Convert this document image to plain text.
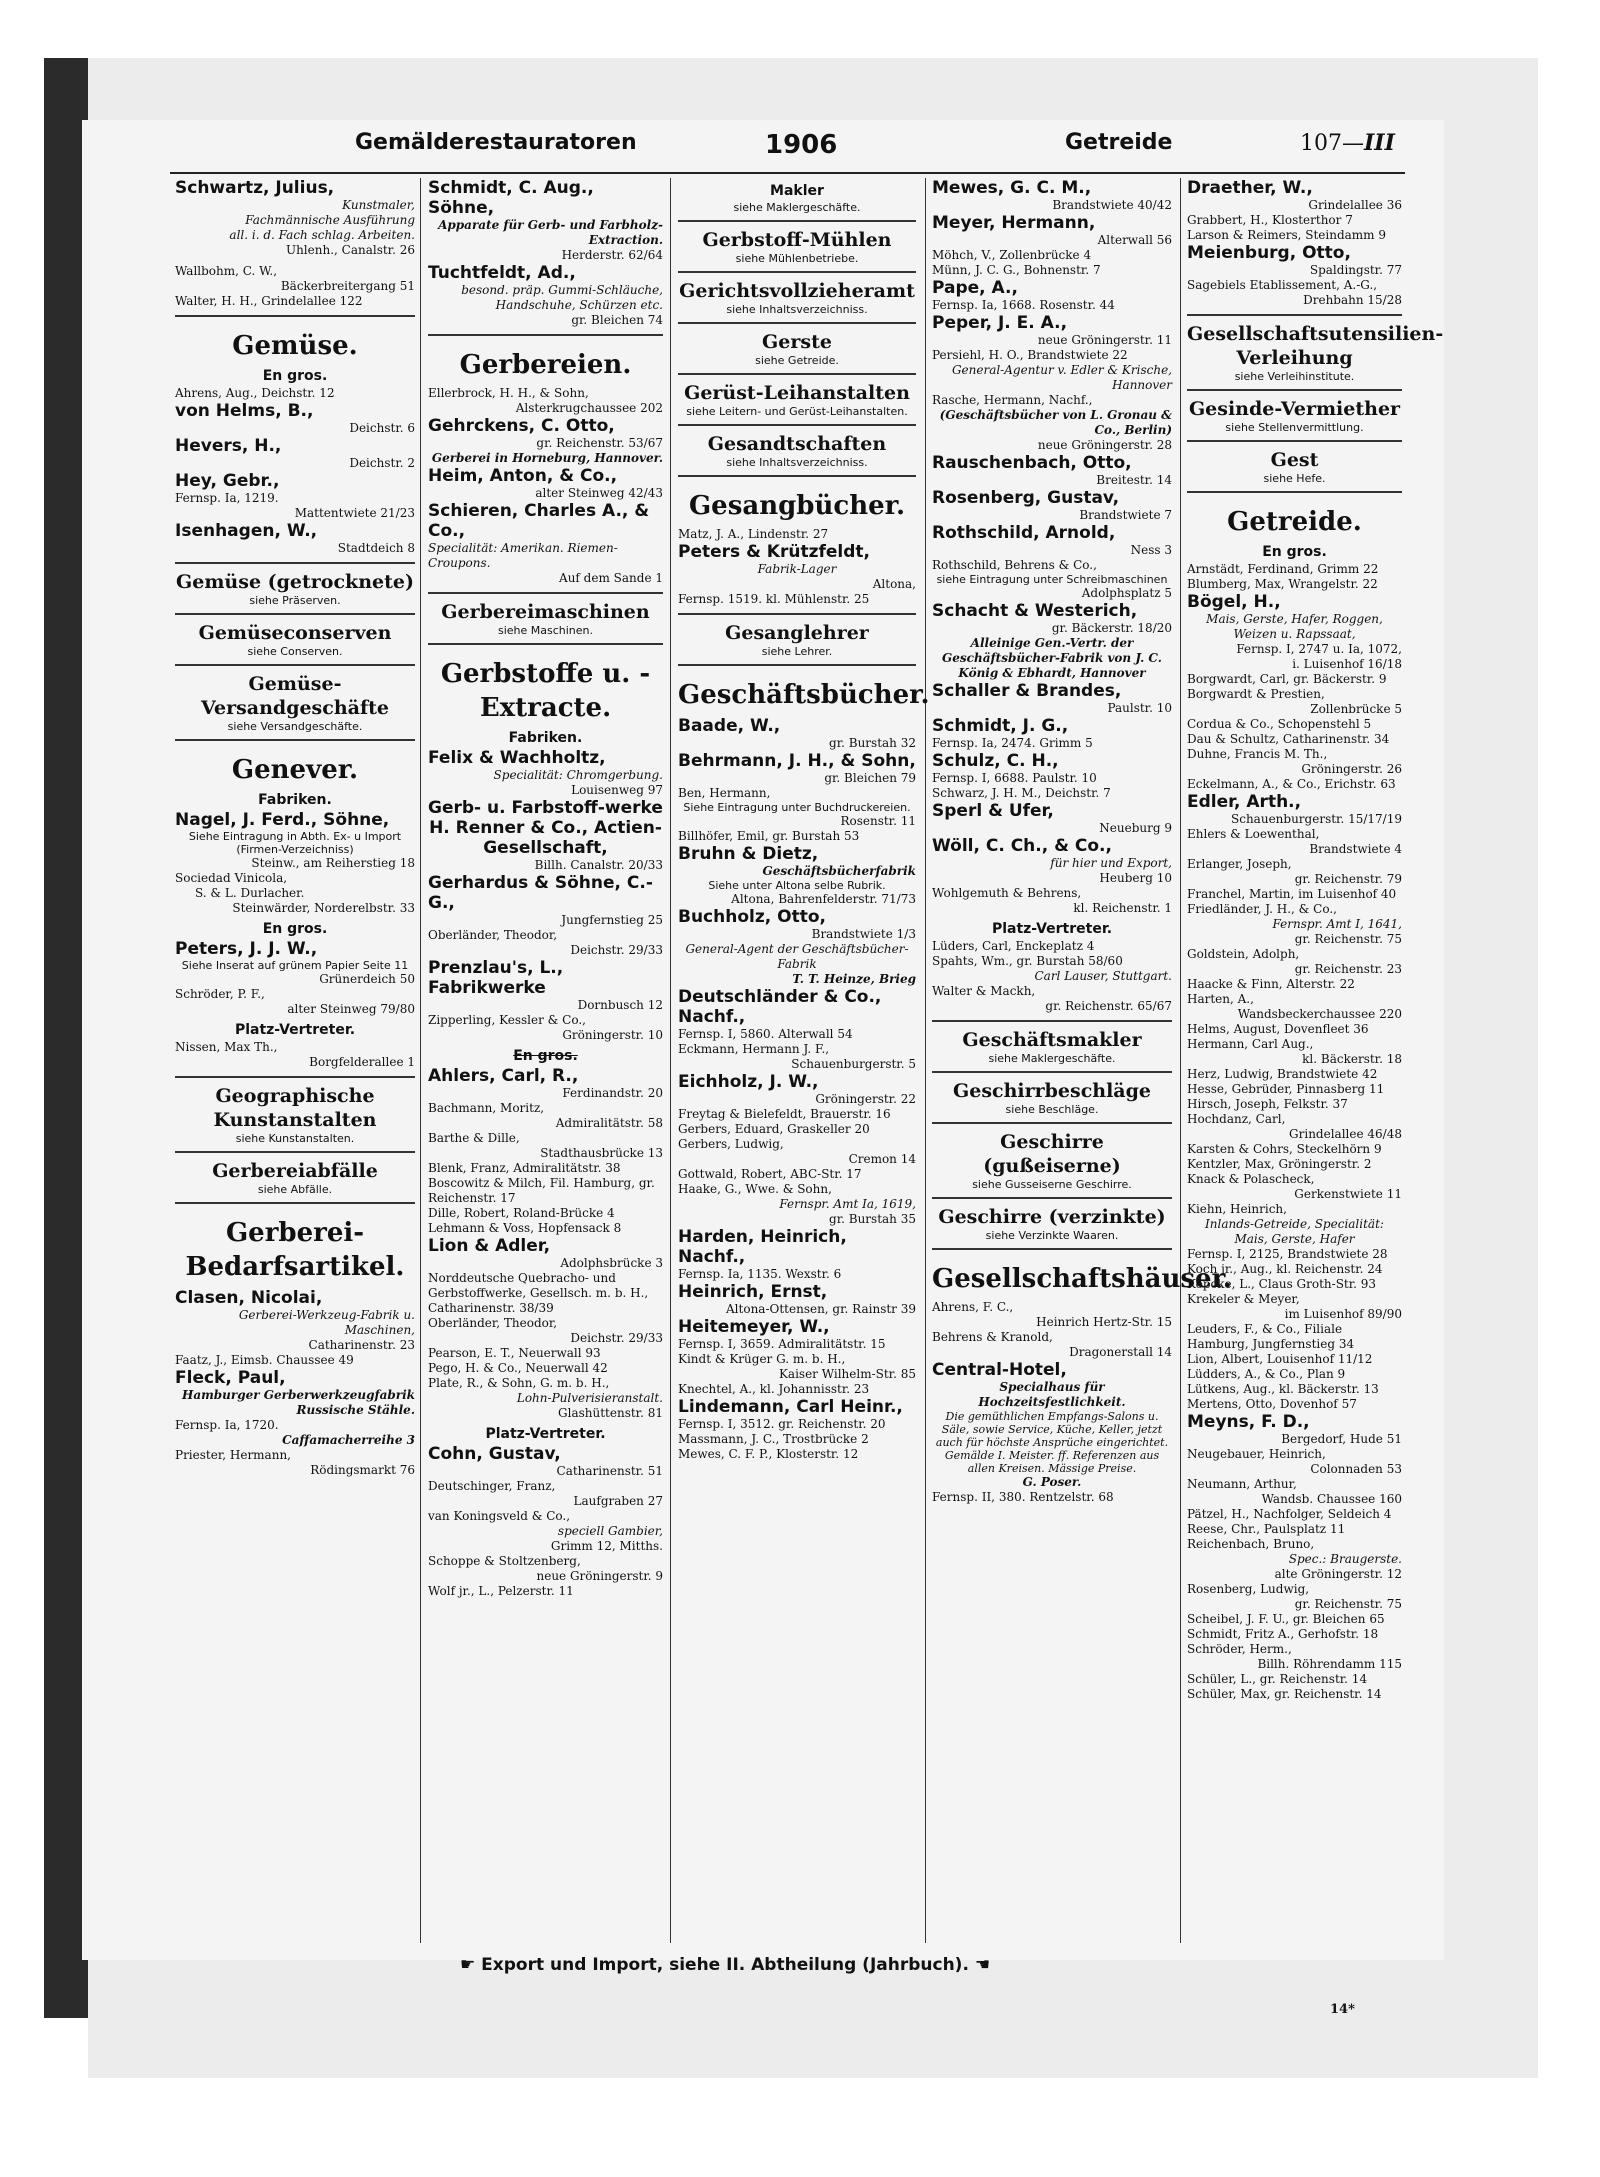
Gemälderestauratoren	1906	Getreide	107—III
Schwartz, Julius,
Kunstmaler,
Fachmännische Ausführung
all. i. d. Fach schlag. Arbeiten.
Uhlenh., Canalstr. 26
Wallbohm, C. W.,
Bäckerbreitergang 51
Walter, H. H., Grindelallee 122
Gemüse.
En gros.
Ahrens, Aug., Deichstr. 12
von Helms, B.,
Deichstr. 6
Hevers, H.,
Deichstr. 2
Hey, Gebr.,
Fernsp. Ia, 1219.
Mattentwiete 21/23
Isenhagen, W.,
Stadtdeich 8
Gemüse (getrocknete)
siehe Präserven.
Gemüseconserven
siehe Conserven.
Gemüse-Versandgeschäfte
siehe Versandgeschäfte.
Genever.
Fabriken.
Nagel, J. Ferd., Söhne,
Siehe Eintragung in Abth. Ex- u Import (Firmen-Verzeichniss)
Steinw., am Reiherstieg 18
Sociedad Vinicola,
S. & L. Durlacher.
Steinwärder, Norderelbstr. 33
En gros.
Peters, J. J. W.,
Siehe Inserat auf grünem Papier Seite 11
Grünerdeich 50
Schröder, P. F.,
alter Steinweg 79/80
Platz-Vertreter.
Nissen, Max Th.,
Borgfelderallee 1
Geographische Kunstanstalten
siehe Kunstanstalten.
Gerbereiabfälle
siehe Abfälle.
Gerberei-Bedarfsartikel.
Clasen, Nicolai,
Gerberei-Werkzeug-Fabrik u. Maschinen,
Catharinenstr. 23
Faatz, J., Eimsb. Chaussee 49
Fleck, Paul,
Hamburger Gerberwerkzeugfabrik
Russische Stähle.
Fernsp. Ia, 1720.
Caffamacherreihe 3
Priester, Hermann,
Rödingsmarkt 76
Schmidt, C. Aug., Söhne,
Apparate für Gerb- und Farbholz-Extraction.
Herderstr. 62/64
Tuchtfeldt, Ad.,
besond. präp. Gummi-Schläuche, Handschuhe, Schürzen etc.
gr. Bleichen 74
Gerbereien.
Ellerbrock, H. H., & Sohn,
Alsterkrugchaussee 202
Gehrckens, C. Otto,
gr. Reichenstr. 53/67
Gerberei in Horneburg, Hannover.
Heim, Anton, & Co.,
alter Steinweg 42/43
Schieren, Charles A., & Co.,
Specialität: Amerikan. Riemen-Croupons.
Auf dem Sande 1
Gerbereimaschinen
siehe Maschinen.
Gerbstoffe u. -Extracte.
Fabriken.
Felix & Wachholtz,
Specialität: Chromgerbung.
Louisenweg 97
Gerb- u. Farbstoff-werke
H. Renner & Co., Actien-Gesellschaft,
Billh. Canalstr. 20/33
Gerhardus & Söhne, C.-G.,
Jungfernstieg 25
Oberländer, Theodor,
Deichstr. 29/33
Prenzlau's, L., Fabrikwerke
Dornbusch 12
Zipperling, Kessler & Co.,
Gröningerstr. 10
En gros.
Ahlers, Carl, R.,
Ferdinandstr. 20
Bachmann, Moritz,
Admiralitätstr. 58
Barthe & Dille,
Stadthausbrücke 13
Blenk, Franz, Admiralitätstr. 38
Boscowitz & Milch, Fil. Hamburg, gr. Reichenstr. 17
Dille, Robert, Roland-Brücke 4
Lehmann & Voss, Hopfensack 8
Lion & Adler,
Adolphsbrücke 3
Norddeutsche Quebracho- und Gerbstoffwerke, Gesellsch. m. b. H., Catharinenstr. 38/39
Oberländer, Theodor,
Deichstr. 29/33
Pearson, E. T., Neuerwall 93
Pego, H. & Co., Neuerwall 42
Plate, R., & Sohn, G. m. b. H.,
Lohn-Pulverisieranstalt.
Glashüttenstr. 81
Platz-Vertreter.
Cohn, Gustav,
Catharinenstr. 51
Deutschinger, Franz,
Laufgraben 27
van Koningsveld & Co.,
speciell Gambier,
Grimm 12, Mitths.
Schoppe & Stoltzenberg,
neue Gröningerstr. 9
Wolf jr., L., Pelzerstr. 11
Makler
siehe Maklergeschäfte.
Gerbstoff-Mühlen
siehe Mühlenbetriebe.
Gerichtsvollzieheramt
siehe Inhaltsverzeichniss.
Gerste
siehe Getreide.
Gerüst-Leihanstalten
siehe Leitern- und Gerüst-Leihanstalten.
Gesandtschaften
siehe Inhaltsverzeichniss.
Gesangbücher.
Matz, J. A., Lindenstr. 27
Peters & Krützfeldt,
Fabrik-Lager
Altona,
Fernsp. 1519. kl. Mühlenstr. 25
Gesanglehrer
siehe Lehrer.
Geschäftsbücher.
Baade, W.,
gr. Burstah 32
Behrmann, J. H., & Sohn,
gr. Bleichen 79
Ben, Hermann,
Siehe Eintragung unter Buchdruckereien.
Rosenstr. 11
Billhöfer, Emil, gr. Burstah 53
Bruhn & Dietz,
Geschäftsbücherfabrik
Siehe unter Altona selbe Rubrik.
Altona, Bahrenfelderstr. 71/73
Buchholz, Otto,
Brandstwiete 1/3
General-Agent der Geschäftsbücher-Fabrik
T. T. Heinze, Brieg
Deutschländer & Co., Nachf.,
Fernsp. I, 5860. Alterwall 54
Eckmann, Hermann J. F.,
Schauenburgerstr. 5
Eichholz, J. W.,
Gröningerstr. 22
Freytag & Bielefeldt, Brauerstr. 16
Gerbers, Eduard, Graskeller 20
Gerbers, Ludwig,
Cremon 14
Gottwald, Robert, ABC-Str. 17
Haake, G., Wwe. & Sohn,
Fernspr. Amt Ia, 1619,
gr. Burstah 35
Harden, Heinrich, Nachf.,
Fernsp. Ia, 1135. Wexstr. 6
Heinrich, Ernst,
Altona-Ottensen, gr. Rainstr 39
Heitemeyer, W.,
Fernsp. I, 3659. Admiralitätstr. 15
Kindt & Krüger G. m. b. H.,
Kaiser Wilhelm-Str. 85
Knechtel, A., kl. Johannisstr. 23
Lindemann, Carl Heinr.,
Fernsp. I, 3512. gr. Reichenstr. 20
Massmann, J. C., Trostbrücke 2
Mewes, C. F. P., Klosterstr. 12
Mewes, G. C. M.,
Brandstwiete 40/42
Meyer, Hermann,
Alterwall 56
Möhch, V., Zollenbrücke 4
Münn, J. C. G., Bohnenstr. 7
Pape, A.,
Fernsp. Ia, 1668. Rosenstr. 44
Peper, J. E. A.,
neue Gröningerstr. 11
Persiehl, H. O., Brandstwiete 22
General-Agentur v. Edler & Krische, Hannover
Rasche, Hermann, Nachf.,
(Geschäftsbücher von L. Gronau & Co., Berlin)
neue Gröningerstr. 28
Rauschenbach, Otto,
Breitestr. 14
Rosenberg, Gustav,
Brandstwiete 7
Rothschild, Arnold,
Ness 3
Rothschild, Behrens & Co.,
siehe Eintragung unter Schreibmaschinen
Adolphsplatz 5
Schacht & Westerich,
gr. Bäckerstr. 18/20
Alleinige Gen.-Vertr. der Geschäftsbücher-Fabrik von J. C. König & Ebhardt, Hannover
Schaller & Brandes,
Paulstr. 10
Schmidt, J. G.,
Fernsp. Ia, 2474. Grimm 5
Schulz, C. H.,
Fernsp. I, 6688. Paulstr. 10
Schwarz, J. H. M., Deichstr. 7
Sperl & Ufer,
Neueburg 9
Wöll, C. Ch., & Co.,
für hier und Export,
Heuberg 10
Wohlgemuth & Behrens,
kl. Reichenstr. 1
Platz-Vertreter.
Lüders, Carl, Enckeplatz 4
Spahts, Wm., gr. Burstah 58/60
Carl Lauser, Stuttgart.
Walter & Mackh,
gr. Reichenstr. 65/67
Geschäftsmakler
siehe Maklergeschäfte.
Geschirrbeschläge
siehe Beschläge.
Geschirre (gußeiserne)
siehe Gusseiserne Geschirre.
Geschirre (verzinkte)
siehe Verzinkte Waaren.
Gesellschaftshäuser.
Ahrens, F. C.,
Heinrich Hertz-Str. 15
Behrens & Kranold,
Dragonerstall 14
Central-Hotel,
Specialhaus für Hochzeitsfestlichkeit.
Die gemüthlichen Empfangs-Salons u. Säle, sowie Service, Küche, Keller, jetzt auch für höchste Ansprüche eingerichtet. Gemälde I. Meister. ff. Referenzen aus allen Kreisen. Mässige Preise.
G. Poser.
Fernsp. II, 380. Rentzelstr. 68
Draether, W.,
Grindelallee 36
Grabbert, H., Klosterthor 7
Larson & Reimers, Steindamm 9
Meienburg, Otto,
Spaldingstr. 77
Sagebiels Etablissement, A.-G.,
Drehbahn 15/28
Gesellschaftsutensilien-Verleihung
siehe Verleihinstitute.
Gesinde-Vermiether
siehe Stellenvermittlung.
Gest
siehe Hefe.
Getreide.
En gros.
Arnstädt, Ferdinand, Grimm 22
Blumberg, Max, Wrangelstr. 22
Bögel, H.,
Mais, Gerste, Hafer, Roggen, Weizen u. Rapssaat,
Fernsp. I, 2747 u. Ia, 1072,
i. Luisenhof 16/18
Borgwardt, Carl, gr. Bäckerstr. 9
Borgwardt & Prestien,
Zollenbrücke 5
Cordua & Co., Schopenstehl 5
Dau & Schultz, Catharinenstr. 34
Duhne, Francis M. Th.,
Gröningerstr. 26
Eckelmann, A., & Co., Erichstr. 63
Edler, Arth.,
Schauenburgerstr. 15/17/19
Ehlers & Loewenthal,
Brandstwiete 4
Erlanger, Joseph,
gr. Reichenstr. 79
Franchel, Martin, im Luisenhof 40
Friedländer, J. H., & Co.,
Fernspr. Amt I, 1641,
gr. Reichenstr. 75
Goldstein, Adolph,
gr. Reichenstr. 23
Haacke & Finn, Alterstr. 22
Harten, A.,
Wandsbeckerchaussee 220
Helms, August, Dovenfleet 36
Hermann, Carl Aug.,
kl. Bäckerstr. 18
Herz, Ludwig, Brandstwiete 42
Hesse, Gebrüder, Pinnasberg 11
Hirsch, Joseph, Felkstr. 37
Hochdanz, Carl,
Grindelallee 46/48
Karsten & Cohrs, Steckelhörn 9
Kentzler, Max, Gröningerstr. 2
Knack & Polascheck,
Gerkenstwiete 11
Kiehn, Heinrich,
Inlands-Getreide, Specialität: Mais, Gerste, Hafer
Fernsp. I, 2125, Brandstwiete 28
Koch jr., Aug., kl. Reichenstr. 24
Köpcke, L., Claus Groth-Str. 93
Krekeler & Meyer,
im Luisenhof 89/90
Leuders, F., & Co., Filiale Hamburg, Jungfernstieg 34
Lion, Albert, Louisenhof 11/12
Lüdders, A., & Co., Plan 9
Lütkens, Aug., kl. Bäckerstr. 13
Mertens, Otto, Dovenhof 57
Meyns, F. D.,
Bergedorf, Hude 51
Neugebauer, Heinrich,
Colonnaden 53
Neumann, Arthur,
Wandsb. Chaussee 160
Pätzel, H., Nachfolger, Seldeich 4
Reese, Chr., Paulsplatz 11
Reichenbach, Bruno,
Spec.: Braugerste.
alte Gröningerstr. 12
Rosenberg, Ludwig,
gr. Reichenstr. 75
Scheibel, J. F. U., gr. Bleichen 65
Schmidt, Fritz A., Gerhofstr. 18
Schröder, Herm.,
Billh. Röhrendamm 115
Schüler, L., gr. Reichenstr. 14
Schüler, Max, gr. Reichenstr. 14
☛ Export und Import, siehe II. Abtheilung (Jahrbuch). ☚
14*
